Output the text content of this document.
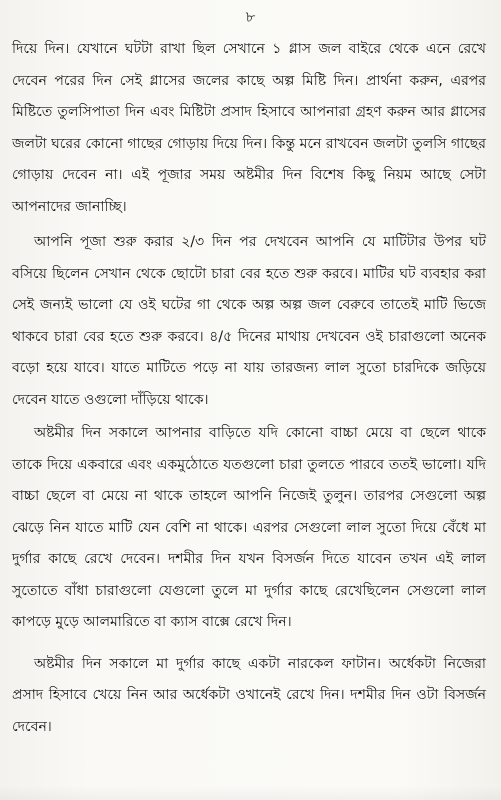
৮

দিয়ে দিন। যেখানে ঘটটা রাখা ছিল সেখানে ১ গ্লাস জল বাইরে থেকে এনে রেখে দেবেন পরের দিন সেই গ্লাসের জলের কাছে অল্প মিষ্টি দিন। প্রার্থনা করুন, এরপর মিষ্টিতে তুলসিপাতা দিন এবং মিষ্টিটা প্রসাদ হিসাবে আপনারা গ্রহণ করুন আর গ্লাসের জলটা ঘরের কোনো গাছের গোড়ায় দিয়ে দিন। কিন্তু মনে রাখবেন জলটা তুলসি গাছের গোড়ায় দেবেন না। এই পূজার সময় অষ্টমীর দিন বিশেষ কিছু নিয়ম আছে সেটা আপনাদের জানাচ্ছি।

আপনি পূজা শুরু করার ২/৩ দিন পর দেখবেন আপনি যে মাটিটার উপর ঘট বসিয়ে ছিলেন সেখান থেকে ছোটো চারা বের হতে শুরু করবে। মাটির ঘট ব্যবহার করা সেই জন্যই ভালো যে ওই ঘটের গা থেকে অল্প অল্প জল বেরুবে তাতেই মাটি ভিজে থাকবে চারা বের হতে শুরু করবে। ৪/৫ দিনের মাথায় দেখবেন ওই চারাগুলো অনেক বড়ো হয়ে যাবে। যাতে মাটিতে পড়ে না যায় তারজন্য লাল সুতো চারদিকে জড়িয়ে দেবেন যাতে ওগুলো দাঁড়িয়ে থাকে।

অষ্টমীর দিন সকালে আপনার বাড়িতে যদি কোনো বাচ্চা মেয়ে বা ছেলে থাকে তাকে দিয়ে একবারে এবং একমুঠোতে যতগুলো চারা তুলতে পারবে ততই ভালো। যদি বাচ্চা ছেলে বা মেয়ে না থাকে তাহলে আপনি নিজেই তুলুন। তারপর সেগুলো অল্প ঝেড়ে নিন যাতে মাটি যেন বেশি না থাকে। এরপর সেগুলো লাল সুতো দিয়ে বেঁধে মা দুর্গার কাছে রেখে দেবেন। দশমীর দিন যখন বিসর্জন দিতে যাবেন তখন এই লাল সুতোতে বাঁধা চারাগুলো যেগুলো তুলে মা দুর্গার কাছে রেখেছিলেন সেগুলো লাল কাপড়ে মুড়ে আলমারিতে বা ক্যাস বাক্সে রেখে দিন।

অষ্টমীর দিন সকালে মা দুর্গার কাছে একটা নারকেল ফাটান। অর্ধেকটা নিজেরা প্রসাদ হিসাবে খেয়ে নিন আর অর্ধেকটা ওখানেই রেখে দিন। দশমীর দিন ওটা বিসর্জন দেবেন।
